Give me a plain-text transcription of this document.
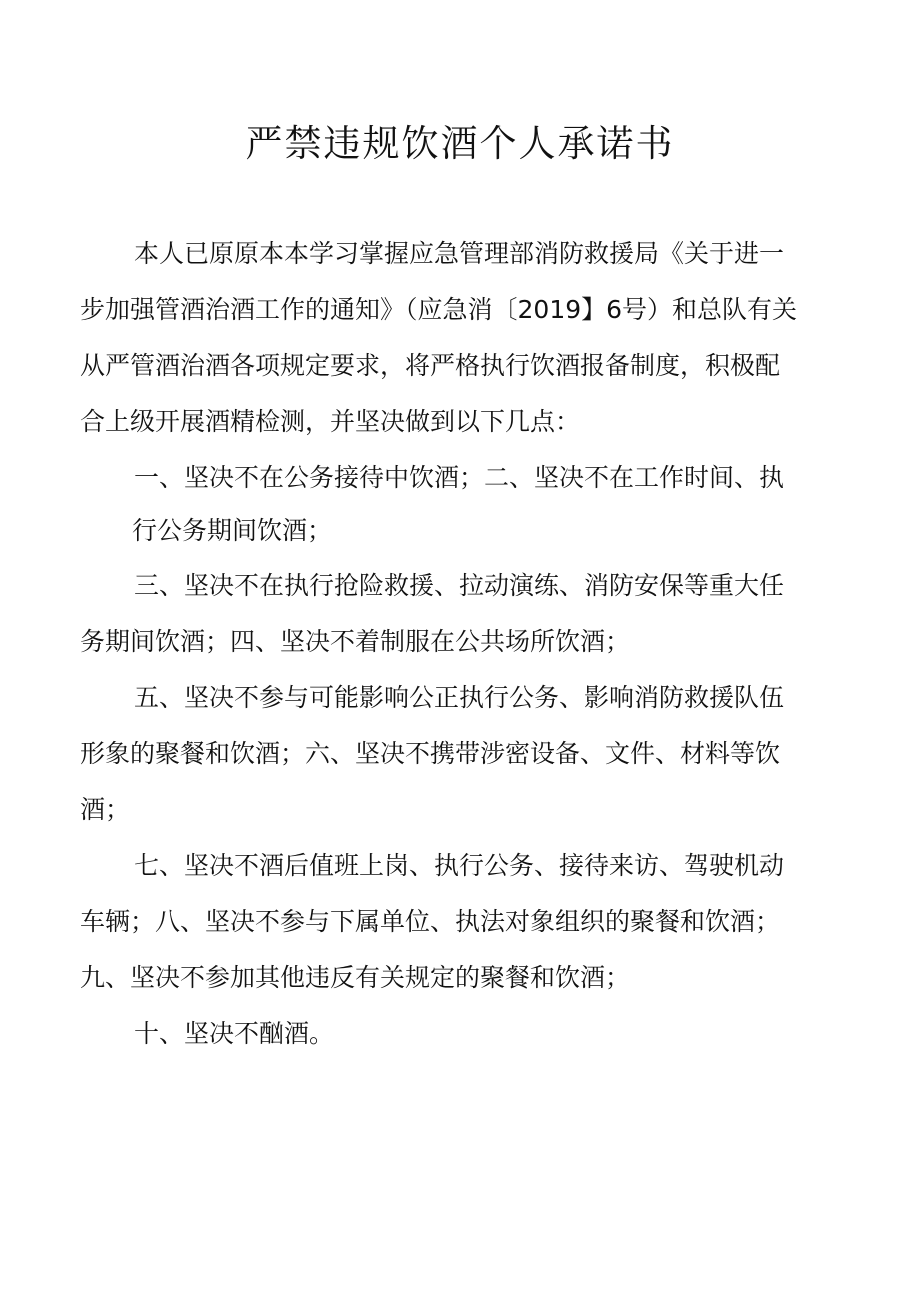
严禁违规饮酒个人承诺书
本人已原原本本学习掌握应急管理部消防救援局《关于进一
步加强管酒治酒工作的通知》（应急消〔2019】6号）和总队有关
从严管酒治酒各项规定要求，将严格执行饮酒报备制度，积极配
合上级开展酒精检测，并坚决做到以下几点：
一、坚决不在公务接待中饮酒；二、坚决不在工作时间、执
行公务期间饮酒；
三、坚决不在执行抢险救援、拉动演练、消防安保等重大任
务期间饮酒；四、坚决不着制服在公共场所饮酒；
五、坚决不参与可能影响公正执行公务、影响消防救援队伍
形象的聚餐和饮酒；六、坚决不携带涉密设备、文件、材料等饮
酒；
七、坚决不酒后值班上岗、执行公务、接待来访、驾驶机动
车辆；八、坚决不参与下属单位、执法对象组织的聚餐和饮酒；
九、坚决不参加其他违反有关规定的聚餐和饮酒；
十、坚决不酗酒。
